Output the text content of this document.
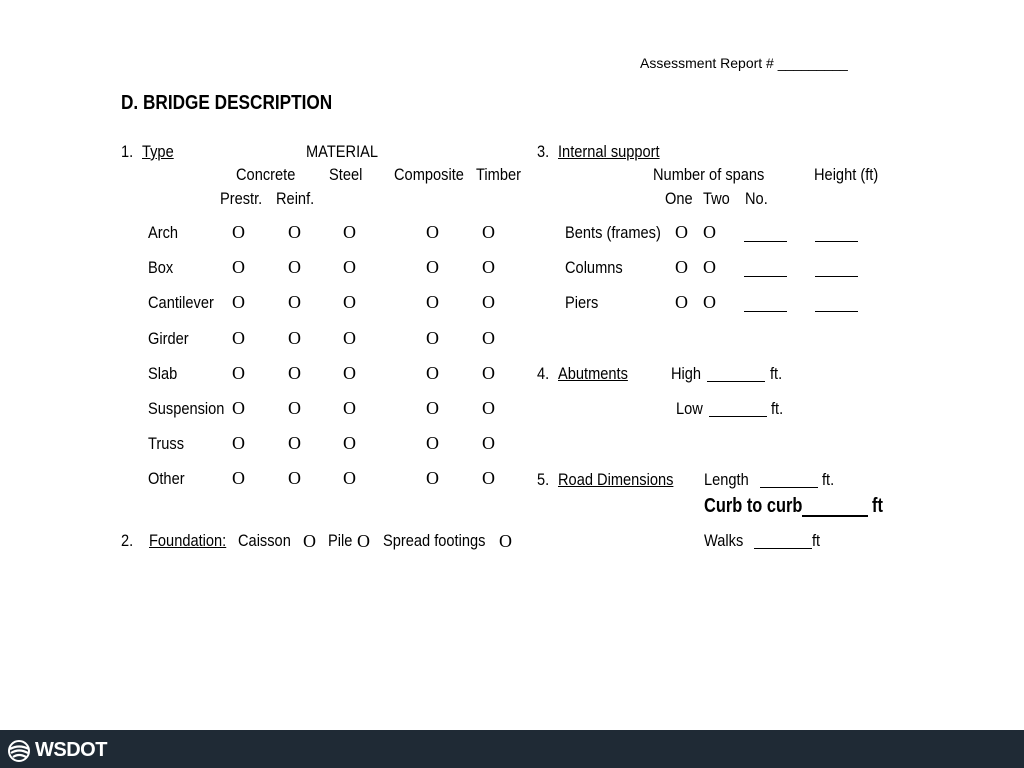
Assessment Report # _________
D. BRIDGE DESCRIPTION
1. Type	MATERIAL
Concrete Steel Composite Timber
Prestr. Reinf.
Arch	O O O	O O
Box	O O O	O O
Cantilever O O O	O O
Girder O O O	O O
Slab	O O O	O O
Suspension O O O	O O
Truss	O O O	O O
Other	O O O	O O
2. Foundation: Caisson O Pile O Spread footings O
3. Internal support
Number of spans	Height (ft)
One Two No.
Bents (frames) O O
Columns	O O
Piers	O O
4. Abutments	High	ft.
Low	ft.
5. Road Dimensions Length	ft.
Curb to curb	ft
Walks	ft
WSDOT
